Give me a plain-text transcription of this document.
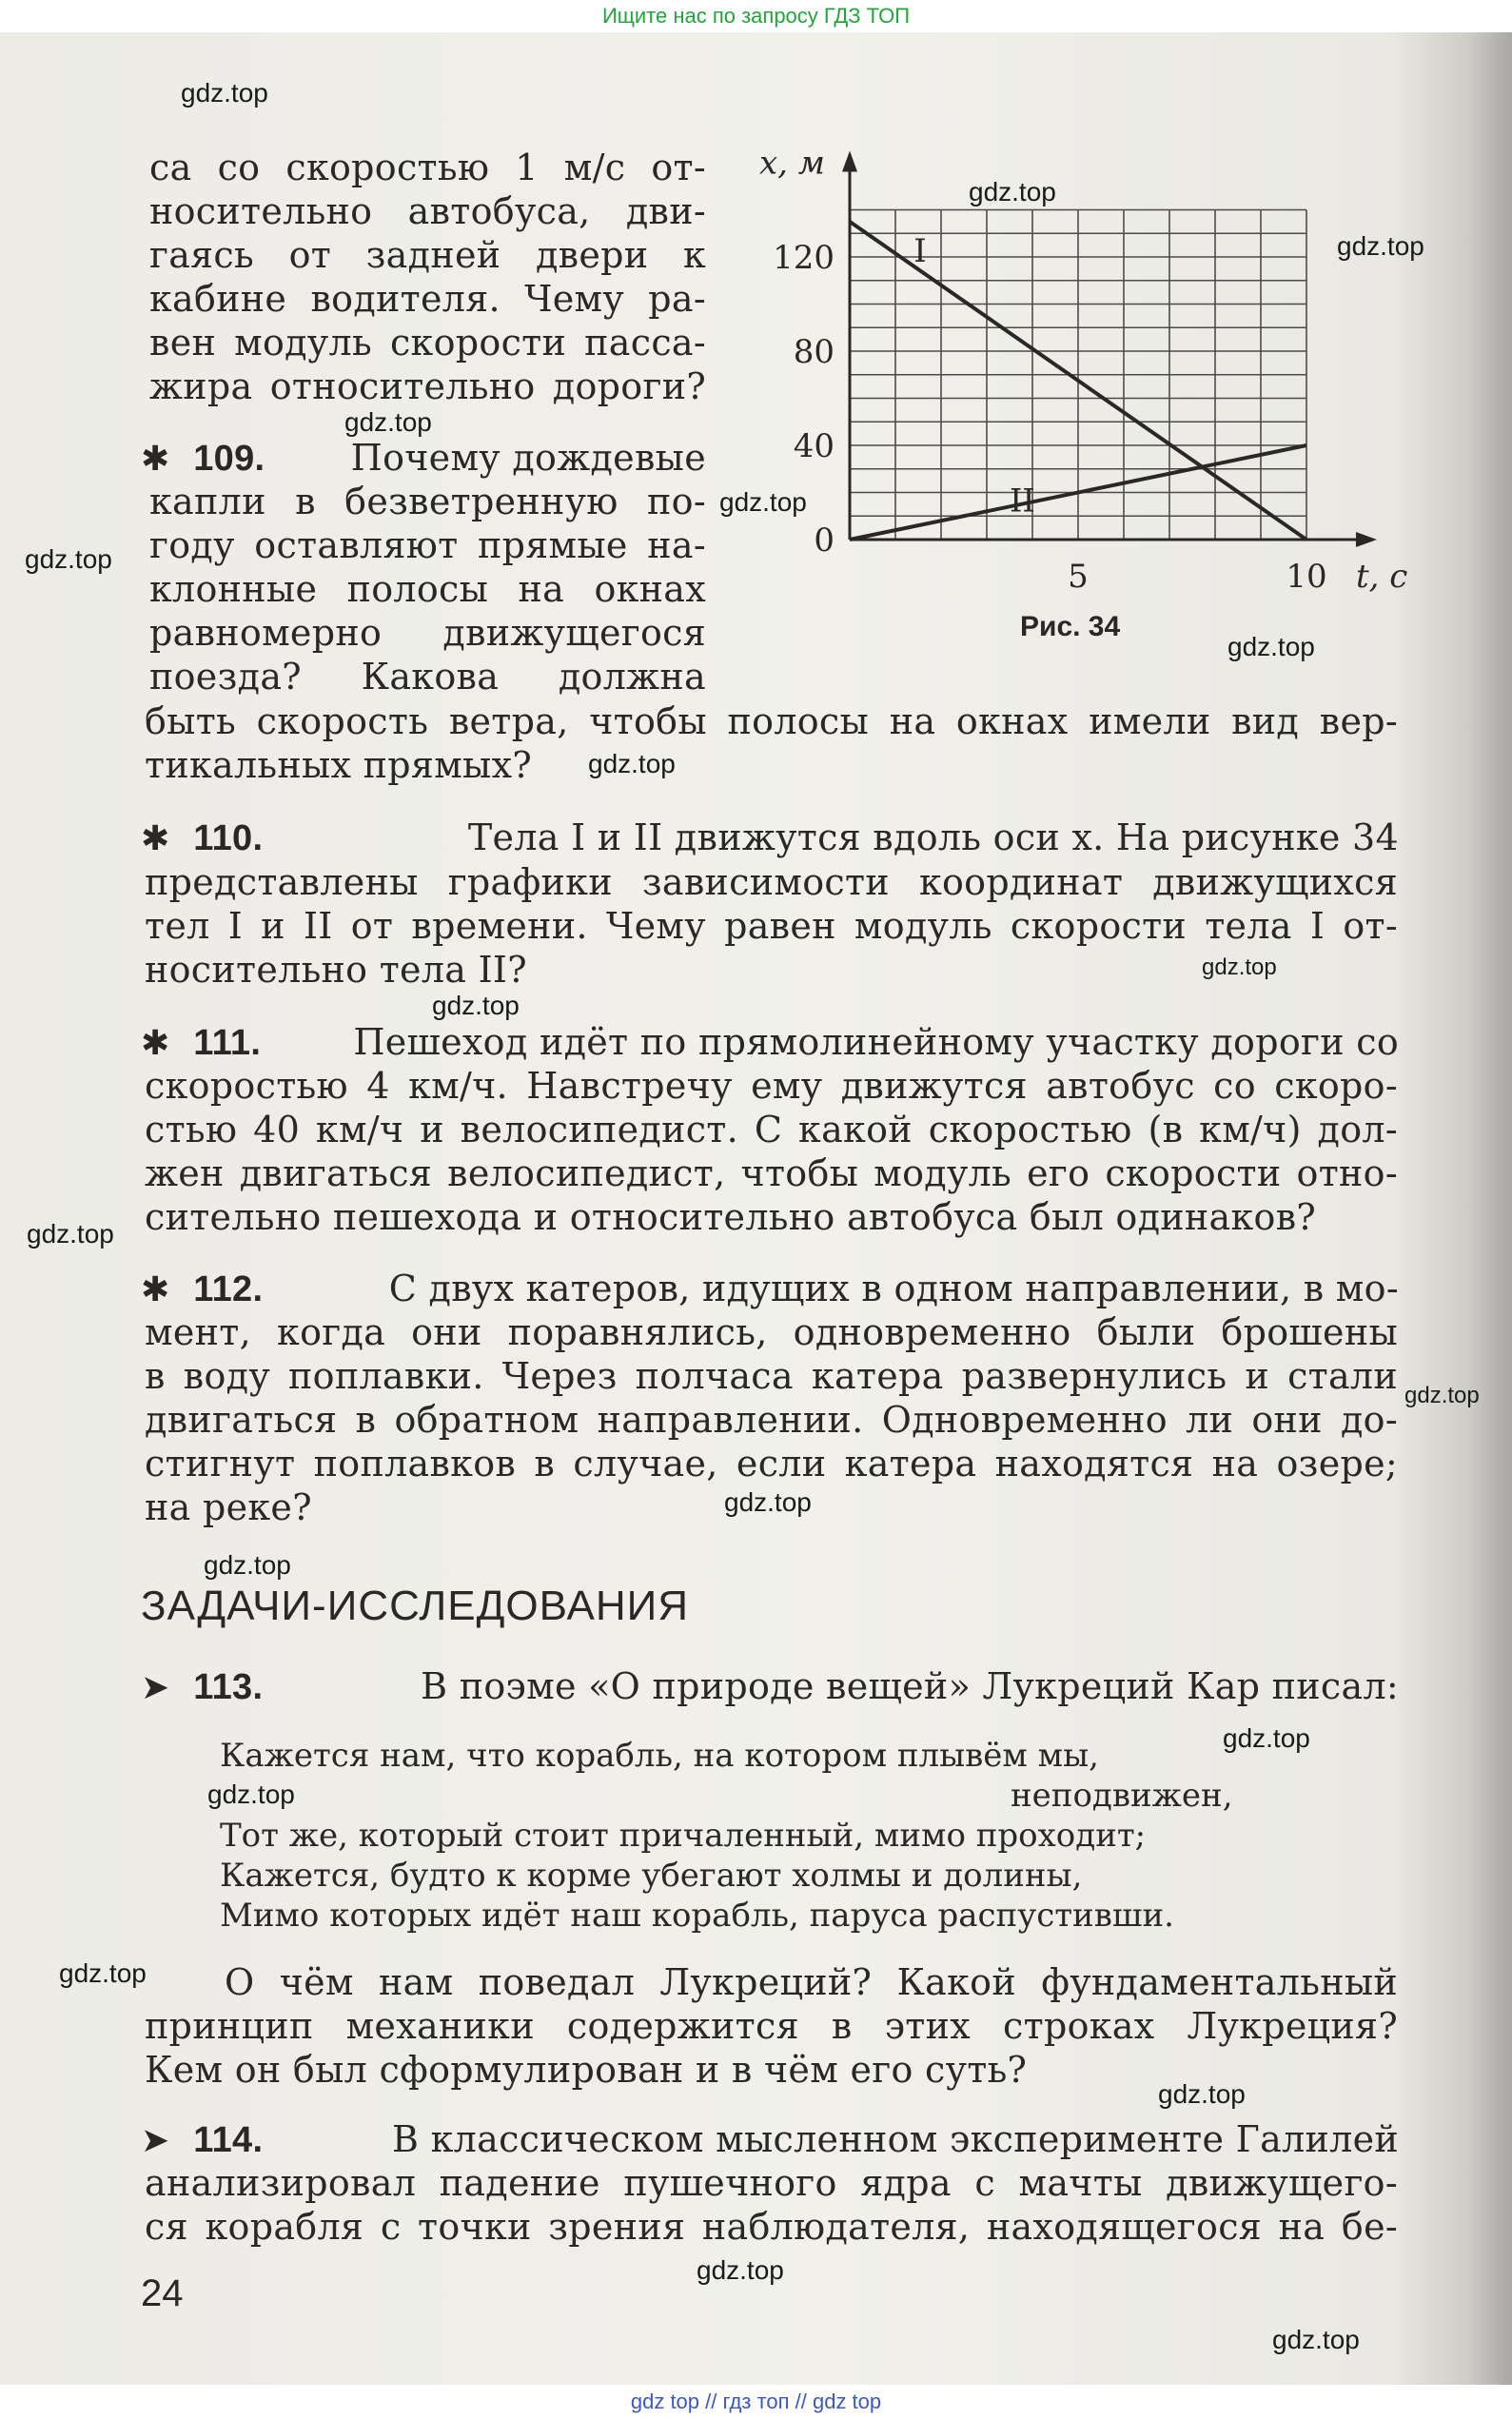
Ищите нас по запросу ГДЗ ТОП
gdz.top
gdz.top
gdz.top
gdz.top
gdz.top
gdz.top
gdz.top
gdz.top
gdz.top
gdz.top
gdz.top
gdz.top
gdz.top
gdz.top
gdz.top
gdz.top
gdz.top
gdz.top
gdz.top
gdz.top
са со скоростью 1 м/с от-
носительно автобуса, дви-
гаясь от задней двери к
кабине водителя. Чему ра-
вен модуль скорости пасса-
жира относительно дороги?
✱ 109. Почему дождевые
капли в безветренную по-
году оставляют прямые на-
клонные полосы на окнах
равномерно движущегося
поезда? Какова должна
быть скорость ветра, чтобы полосы на окнах имели вид вер-
тикальных прямых?
✱ 110.	Тела I и II движутся вдоль оси x. На рисунке 34
представлены графики зависимости координат движущихся
тел I и II от времени. Чему равен модуль скорости тела I от-
носительно тела II?
✱ 111.	Пешеход идёт по прямолинейному участку дороги со
скоростью 4 км/ч. Навстречу ему движутся автобус со скоро-
стью 40 км/ч и велосипедист. С какой скоростью (в км/ч) дол-
жен двигаться велосипедист, чтобы модуль его скорости отно-
сительно пешехода и относительно автобуса был одинаков?
✱ 112.	С двух катеров, идущих в одном направлении, в мо-
мент, когда они поравнялись, одновременно были брошены
в воду поплавки. Через полчаса катера развернулись и стали
двигаться в обратном направлении. Одновременно ли они до-
стигнут поплавков в случае, если катера находятся на озере;
на реке?
ЗАДАЧИ-ИССЛЕДОВАНИЯ
➤ 113.	В поэме «О природе вещей» Лукреций Кар писал:
Кажется нам, что корабль, на котором плывём мы,
неподвижен,
Тот же, который стоит причаленный, мимо проходит;
Кажется, будто к корме убегают холмы и долины,
Мимо которых идёт наш корабль, паруса распустивши.
О чём нам поведал Лукреций? Какой фундаментальный
принцип механики содержится в этих строках Лукреция?
Кем он был сформулирован и в чём его суть?
➤ 114.	В классическом мысленном эксперименте Галилей
анализировал падение пушечного ядра с мачты движущего-
ся корабля с точки зрения наблюдателя, находящегося на бе-
24
0
40
80
120
5	10
x, м
t, с
I
II
Рис. 34
gdz top // гдз топ // gdz top
